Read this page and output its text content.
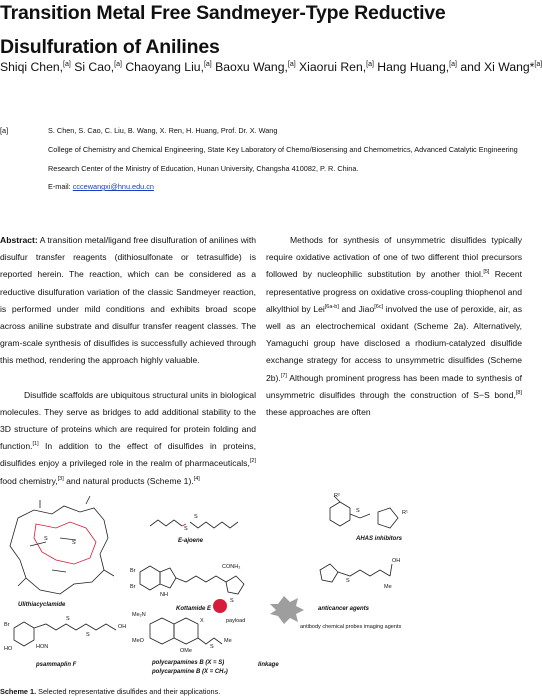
Transition Metal Free Sandmeyer-Type Reductive Disulfuration of Anilines
Shiqi Chen,[a] Si Cao,[a] Chaoyang Liu,[a] Baoxu Wang,[a] Xiaorui Ren,[a] Hang Huang,[a] and Xi Wang*[a]
[a]	S. Chen, S. Cao, C. Liu, B. Wang, X. Ren, H. Huang, Prof. Dr. X. Wang
College of Chemistry and Chemical Engineering, State Key Laboratory of Chemo/Biosensing and Chemometrics, Advanced Catalytic Engineering
Research Center of the Ministry of Education, Hunan University, Changsha 410082, P. R. China.
E-mail: cccewangxi@hnu.edu.cn

Abstract: A transition metal/ligand free disulfuration of anilines with disulfur transfer reagents (dithiosulfonate or tetrasulfide) is reported herein. The reaction, which can be considered as a reductive disulfuration variation of the classic Sandmeyer reaction, is performed under mild conditions and exhibits broad scope across aniline substrate and disulfur transfer reagent classes. The gram-scale synthesis of disulfides is successfully achieved through this method, rendering the approach highly valuable.

Disulfide scaffolds are ubiquitous structural units in biological molecules. They serve as bridges to add additional stability to the 3D structure of proteins which are required for protein folding and function.[1] In addition to the effect of disulfides in proteins, disulfides enjoy a privileged role in the realm of pharmaceuticals,[2] food chemistry,[3] and natural products (Scheme 1).[4]

Methods for synthesis of unsymmetric disulfides typically require oxidative activation of one of two different thiol precursors followed by nucleophilic substitution by another thiol.[5] Recent representative progress on oxidative cross-coupling thiophenol and alkylthiol by Lei[6a-b] and Jiao[6c] involved the use of peroxide, air, as well as an electrochemical oxidant (Scheme 2a). Alternatively, Yamaguchi group have disclosed a rhodium-catalyzed disulfide exchange strategy for access to unsymmetric disulfides (Scheme 2b).[7] Although prominent progress has been made to synthesis of unsymmetric disulfides through the construction of S−S bond,[8] these approaches are often

S
S
S
S
R²
S	R¹
Br
Br
NH
CONH₂
S
S
OH
Me
Br
HO	HON
S
S
OH
Me₂N
MeO
OMe
X
S
Me
Ulithiacyclamide
E-ajoene	AHAS inhibitors
Kottamide E	anticancer agents
psammaplin F	polycarpamines B (X = S)
polycarpamine B (X = CH₂)
linkage
payload
antibody chemical probes imaging agents
Scheme 1. Selected representative disulfides and their applications.
